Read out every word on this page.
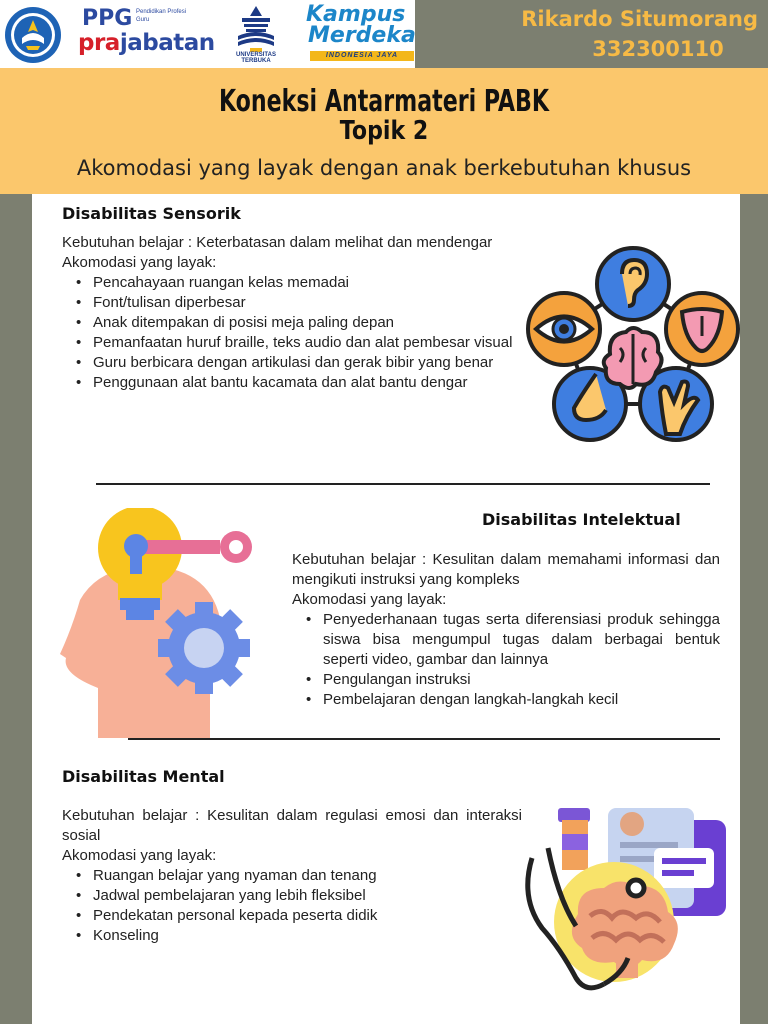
PPG Pendidikan Profesi Guru
prajabatan	UNIVERSITAS TERBUKA
Kampus
Merdeka
INDONESIA JAYA
Rikardo Situmorang
332300110
Koneksi Antarmateri PABK
Topik 2
Akomodasi yang layak dengan anak berkebutuhan khusus
Disabilitas Sensorik
Kebutuhan belajar : Keterbatasan dalam melihat dan mendengar
Akomodasi yang layak:
• Pencahayaan ruangan kelas memadai
• Font/tulisan diperbesar
• Anak ditempakan di posisi meja paling depan
• Pemanfaatan huruf braille, teks audio dan alat pembesar visual
• Guru berbicara dengan artikulasi dan gerak bibir yang benar
• Penggunaan alat bantu kacamata dan alat bantu dengar
Disabilitas Intelektual
Kebutuhan belajar : Kesulitan dalam memahami informasi dan mengikuti instruksi yang kompleks
Akomodasi yang layak:
• Penyederhanaan tugas serta diferensiasi produk sehingga siswa bisa mengumpul tugas dalam berbagai bentuk seperti video, gambar dan lainnya
• Pengulangan instruksi
• Pembelajaran dengan langkah-langkah kecil
Disabilitas Mental
Kebutuhan belajar : Kesulitan dalam regulasi emosi dan interaksi sosial
Akomodasi yang layak:
• Ruangan belajar yang nyaman dan tenang
• Jadwal pembelajaran yang lebih fleksibel
• Pendekatan personal kepada peserta didik
• Konseling
